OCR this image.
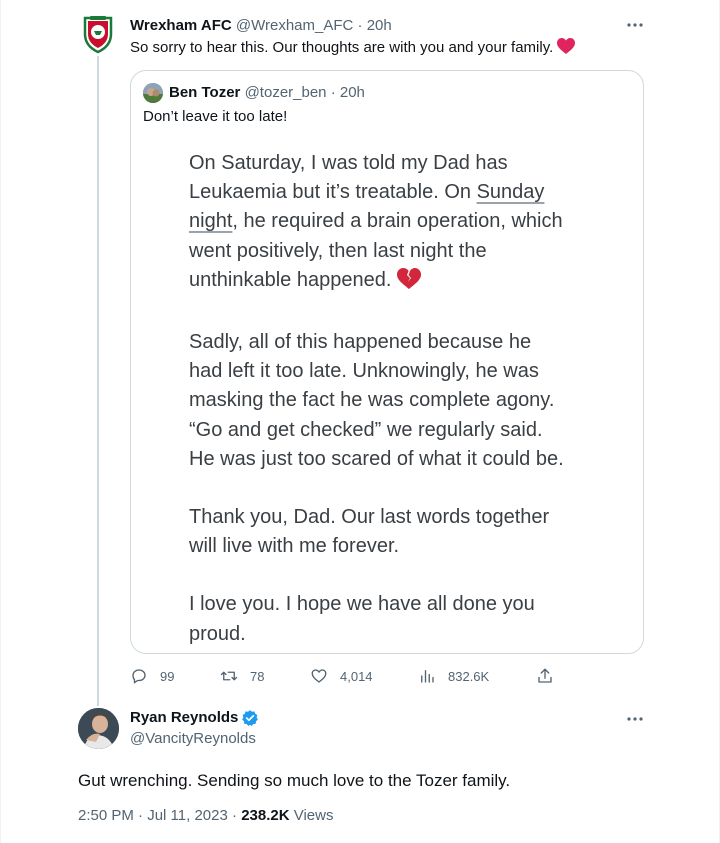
Wrexham AFC @Wrexham_AFC · 20h
So sorry to hear this. Our thoughts are with you and your family.
Ben Tozer @tozer_ben · 20h
Don’t leave it too late!

On Saturday, I was told my Dad has

Leukaemia but it’s treatable. On Sunday

night, he required a brain operation, which

went positively, then last night the

unthinkable happened.

Sadly, all of this happened because he

had left it too late. Unknowingly, he was

masking the fact he was complete agony.

“Go and get checked” we regularly said.

He was just too scared of what it could be.

Thank you, Dad. Our last words together

will live with me forever.

I love you. I hope we have all done you

proud.

99	78	4,014	832.6K
Ryan Reynolds
@VancityReynolds
Gut wrenching. Sending so much love to the Tozer family.
2:50 PM · Jul 11, 2023 · 238.2K Views
